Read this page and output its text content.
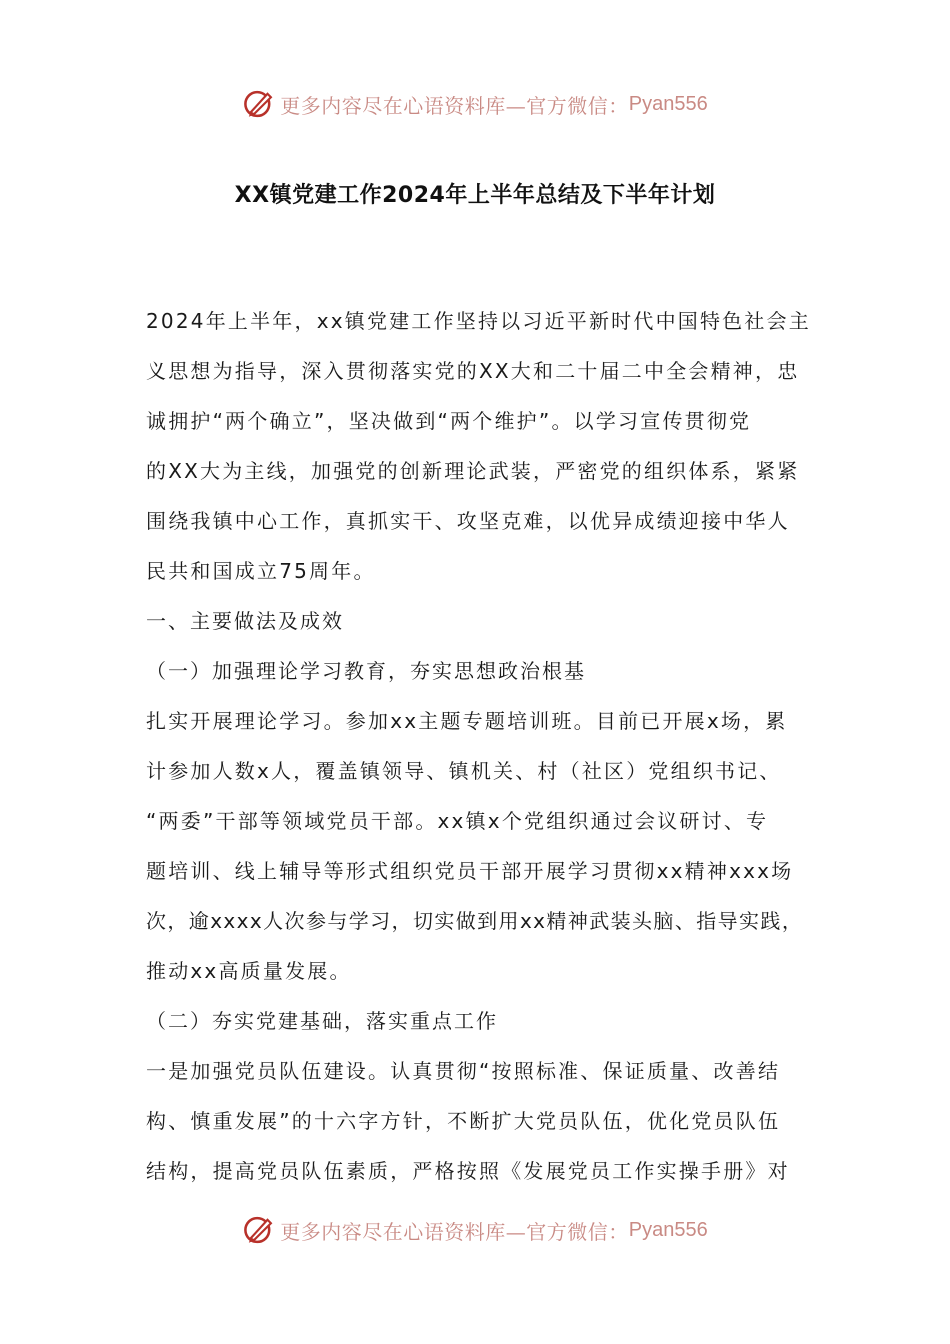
更多内容尽在心语资料库—官方微信： Pyan556
XX镇党建工作2024年上半年总结及下半年计划
2024年上半年，xx镇党建工作坚持以习近平新时代中国特色社会主
义思想为指导，深入贯彻落实党的XX大和二十届二中全会精神，忠
诚拥护“两个确立”，坚决做到“两个维护”。以学习宣传贯彻党
的XX大为主线，加强党的创新理论武装，严密党的组织体系，紧紧
围绕我镇中心工作，真抓实干、攻坚克难，以优异成绩迎接中华人
民共和国成立75周年。
一、主要做法及成效
（一）加强理论学习教育，夯实思想政治根基
扎实开展理论学习。参加xx主题专题培训班。目前已开展x场，累
计参加人数x人，覆盖镇领导、镇机关、村（社区）党组织书记、
“两委”干部等领域党员干部。xx镇x个党组织通过会议研讨、专
题培训、线上辅导等形式组织党员干部开展学习贯彻xx精神xxx场
次，逾xxxx人次参与学习，切实做到用xx精神武装头脑、指导实践，
推动xx高质量发展。
（二）夯实党建基础，落实重点工作
一是加强党员队伍建设。认真贯彻“按照标准、保证质量、改善结
构、慎重发展”的十六字方针，不断扩大党员队伍，优化党员队伍
结构，提高党员队伍素质，严格按照《发展党员工作实操手册》对
更多内容尽在心语资料库—官方微信： Pyan556
